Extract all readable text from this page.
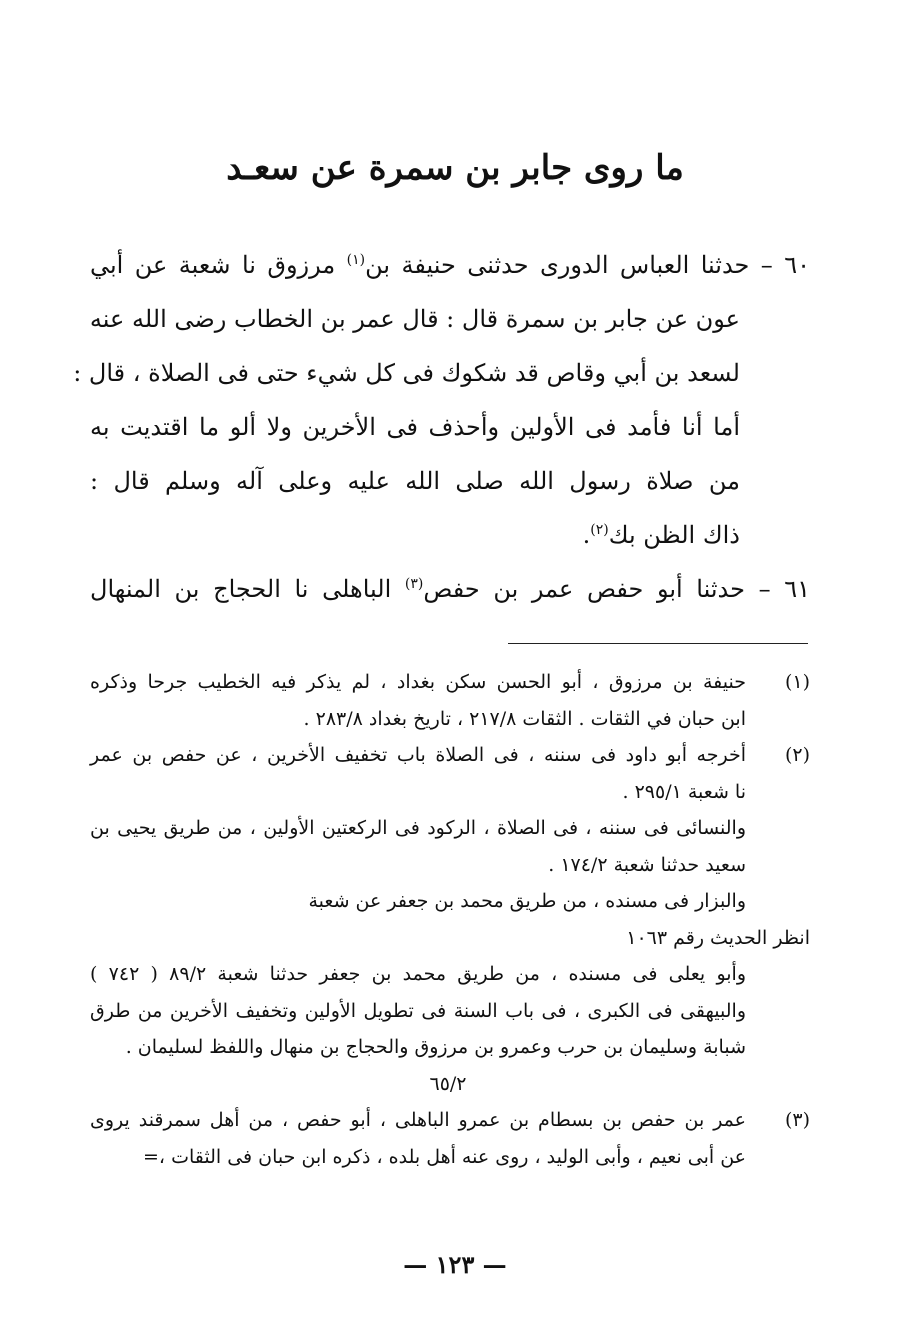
ما روى جابر بن سمرة عن سعـد
٦٠ – حدثنا العباس الدورى حدثنى حنيفة بن$^{(١)}$ مرزوق نا شعبة عن أبي
عون عن جابر بن سمرة قال : قال عمر بن الخطاب رضى الله عنه
لسعد بن أبي وقاص قد شكوك فى كل شيء حتى فى الصلاة ، قال :
أما أنا فأمد فى الأولين وأحذف فى الأخرين ولا ألو ما اقتديت به
من صلاة رسول الله صلى الله عليه وعلى آله وسلم قال :
ذاك الظن بك$^{(٢)}$.
٦١ – حدثنا أبو حفص عمر بن حفص$^{(٣)}$ الباهلى نا الحجاج بن المنهال
(١)
حنيفة بن مرزوق ، أبو الحسن سكن بغداد ، لم يذكر فيه الخطيب جرحا وذكره
ابن حبان في الثقات . الثقات ٢١٧/٨ ، تاريخ بغداد ٢٨٣/٨ .
(٢)
أخرجه أبو داود فى سننه ، فى الصلاة باب تخفيف الأخرين ، عن حفص بن عمر
نا شعبة ٢٩٥/١ .
والنسائى فى سننه ، فى الصلاة ، الركود فى الركعتين الأولين ، من طريق يحيى بن
سعيد حدثنا شعبة ١٧٤/٢ .
والبزار فى مسنده ، من طريق محمد بن جعفر عن شعبة
انظر الحديث رقم ١٠٦٣
وأبو يعلى فى مسنده ، من طريق محمد بن جعفر حدثنا شعبة ٨٩/٢ ( ٧٤٢ )
والبيهقى فى الكبرى ، فى باب السنة فى تطويل الأولين وتخفيف الأخرين من طرق
شبابة وسليمان بن حرب وعمرو بن مرزوق والحجاج بن منهال واللفظ لسليمان .
٦٥/٢
(٣)
عمر بن حفص بن بسطام بن عمرو الباهلى ، أبو حفص ، من أهل سمرقند يروى
عن أبى نعيم ، وأبى الوليد ، روى عنه أهل بلده ، ذكره ابن حبان فى الثقات ،=
— ١٢٣ —
